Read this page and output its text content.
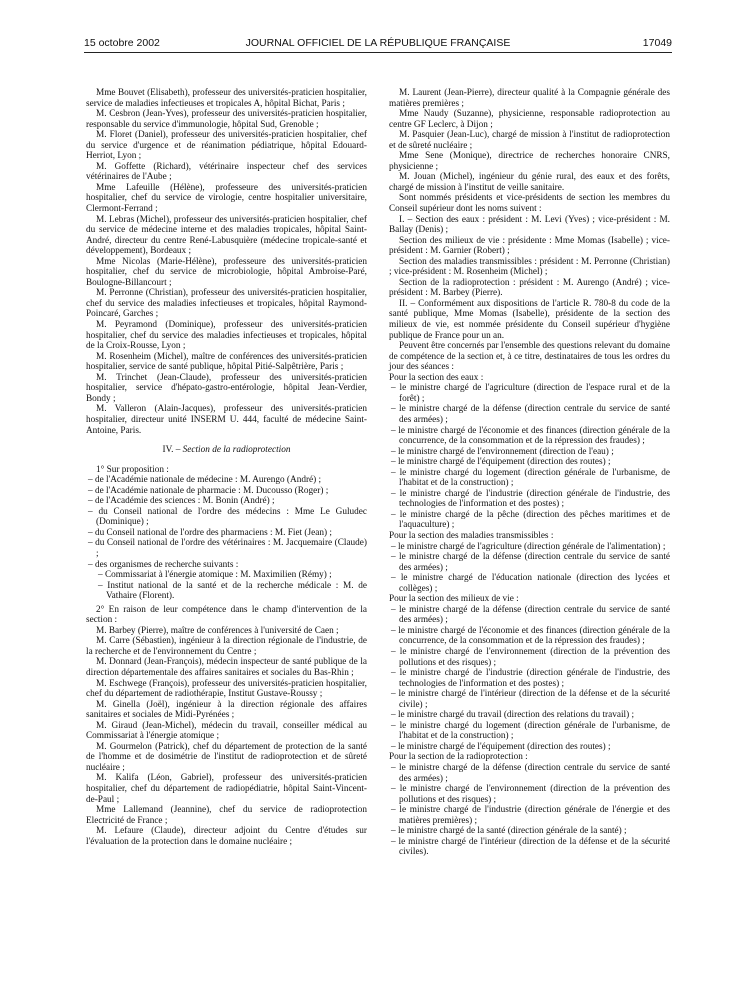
15 octobre 2002	JOURNAL OFFICIEL DE LA RÉPUBLIQUE FRANÇAISE	17049

Mme Bouvet (Elisabeth), professeur des universités-praticien hospitalier, service de maladies infectieuses et tropicales A, hôpital Bichat, Paris ;

M. Cesbron (Jean-Yves), professeur des universités-praticien hospitalier, responsable du service d'immunologie, hôpital Sud, Grenoble ;

M. Floret (Daniel), professeur des universités-praticien hospitalier, chef du service d'urgence et de réanimation pédiatrique, hôpital Edouard-Herriot, Lyon ;

M. Goffette (Richard), vétérinaire inspecteur chef des services vétérinaires de l'Aube ;

Mme Lafeuille (Hélène), professeure des universités-praticien hospitalier, chef du service de virologie, centre hospitalier universitaire, Clermont-Ferrand ;

M. Lebras (Michel), professeur des universités-praticien hospitalier, chef du service de médecine interne et des maladies tropicales, hôpital Saint-André, directeur du centre René-Labusquière (médecine tropicale-santé et développement), Bordeaux ;

Mme Nicolas (Marie-Hélène), professeure des universités-praticien hospitalier, chef du service de microbiologie, hôpital Ambroise-Paré, Boulogne-Billancourt ;

M. Perronne (Christian), professeur des universités-praticien hospitalier, chef du service des maladies infectieuses et tropicales, hôpital Raymond-Poincaré, Garches ;

M. Peyramond (Dominique), professeur des universités-praticien hospitalier, chef du service des maladies infectieuses et tropicales, hôpital de la Croix-Rousse, Lyon ;

M. Rosenheim (Michel), maître de conférences des universités-praticien hospitalier, service de santé publique, hôpital Pitié-Salpêtrière, Paris ;

M. Trinchet (Jean-Claude), professeur des universités-praticien hospitalier, service d'hépato-gastro-entérologie, hôpital Jean-Verdier, Bondy ;

M. Valleron (Alain-Jacques), professeur des universités-praticien hospitalier, directeur unité INSERM U. 444, faculté de médecine Saint-Antoine, Paris.

IV. – Section de la radioprotection

1° Sur proposition :

– de l'Académie nationale de médecine : M. Aurengo (André) ;

– de l'Académie nationale de pharmacie : M. Ducousso (Roger) ;

– de l'Académie des sciences : M. Bonin (André) ;

– du Conseil national de l'ordre des médecins : Mme Le Guludec (Dominique) ;

– du Conseil national de l'ordre des pharmaciens : M. Fiet (Jean) ;

– du Conseil national de l'ordre des vétérinaires : M. Jacquemaire (Claude) ;

– des organismes de recherche suivants :

– Commissariat à l'énergie atomique : M. Maximilien (Rémy) ;

– Institut national de la santé et de la recherche médicale : M. de Vathaire (Florent).

2° En raison de leur compétence dans le champ d'intervention de la section :

M. Barbey (Pierre), maître de conférences à l'université de Caen ;

M. Carre (Sébastien), ingénieur à la direction régionale de l'industrie, de la recherche et de l'environnement du Centre ;

M. Donnard (Jean-François), médecin inspecteur de santé publique de la direction départementale des affaires sanitaires et sociales du Bas-Rhin ;

M. Eschwege (François), professeur des universités-praticien hospitalier, chef du département de radiothérapie, Institut Gustave-Roussy ;

M. Ginella (Joël), ingénieur à la direction régionale des affaires sanitaires et sociales de Midi-Pyrénées ;

M. Giraud (Jean-Michel), médecin du travail, conseiller médical au Commissariat à l'énergie atomique ;

M. Gourmelon (Patrick), chef du département de protection de la santé de l'homme et de dosimétrie de l'institut de radioprotection et de sûreté nucléaire ;

M. Kalifa (Léon, Gabriel), professeur des universités-praticien hospitalier, chef du département de radiopédiatrie, hôpital Saint-Vincent-de-Paul ;

Mme Lallemand (Jeannine), chef du service de radioprotection Electricité de France ;

M. Lefaure (Claude), directeur adjoint du Centre d'études sur l'évaluation de la protection dans le domaine nucléaire ;

M. Laurent (Jean-Pierre), directeur qualité à la Compagnie générale des matières premières ;

Mme Naudy (Suzanne), physicienne, responsable radioprotection au centre GF Leclerc, à Dijon ;

M. Pasquier (Jean-Luc), chargé de mission à l'institut de radioprotection et de sûreté nucléaire ;

Mme Sene (Monique), directrice de recherches honoraire CNRS, physicienne ;

M. Jouan (Michel), ingénieur du génie rural, des eaux et des forêts, chargé de mission à l'institut de veille sanitaire.

Sont nommés présidents et vice-présidents de section les membres du Conseil supérieur dont les noms suivent :

I. – Section des eaux : président : M. Levi (Yves) ; vice-président : M. Ballay (Denis) ;

Section des milieux de vie : présidente : Mme Momas (Isabelle) ; vice-président : M. Garnier (Robert) ;

Section des maladies transmissibles : président : M. Perronne (Christian) ; vice-président : M. Rosenheim (Michel) ;

Section de la radioprotection : président : M. Aurengo (André) ; vice-président : M. Barbey (Pierre).

II. – Conformément aux dispositions de l'article R. 780-8 du code de la santé publique, Mme Momas (Isabelle), présidente de la section des milieux de vie, est nommée présidente du Conseil supérieur d'hygiène publique de France pour un an.

Peuvent être concernés par l'ensemble des questions relevant du domaine de compétence de la section et, à ce titre, destinataires de tous les ordres du jour des séances :

Pour la section des eaux :

– le ministre chargé de l'agriculture (direction de l'espace rural et de la forêt) ;

– le ministre chargé de la défense (direction centrale du service de santé des armées) ;

– le ministre chargé de l'économie et des finances (direction générale de la concurrence, de la consommation et de la répression des fraudes) ;

– le ministre chargé de l'environnement (direction de l'eau) ;

– le ministre chargé de l'équipement (direction des routes) ;

– le ministre chargé du logement (direction générale de l'urbanisme, de l'habitat et de la construction) ;

– le ministre chargé de l'industrie (direction générale de l'industrie, des technologies de l'information et des postes) ;

– le ministre chargé de la pêche (direction des pêches maritimes et de l'aquaculture) ;

Pour la section des maladies transmissibles :

– le ministre chargé de l'agriculture (direction générale de l'alimentation) ;

– le ministre chargé de la défense (direction centrale du service de santé des armées) ;

– le ministre chargé de l'éducation nationale (direction des lycées et collèges) ;

Pour la section des milieux de vie :

– le ministre chargé de la défense (direction centrale du service de santé des armées) ;

– le ministre chargé de l'économie et des finances (direction générale de la concurrence, de la consommation et de la répression des fraudes) ;

– le ministre chargé de l'environnement (direction de la prévention des pollutions et des risques) ;

– le ministre chargé de l'industrie (direction générale de l'industrie, des technologies de l'information et des postes) ;

– le ministre chargé de l'intérieur (direction de la défense et de la sécurité civile) ;

– le ministre chargé du travail (direction des relations du travail) ;

– le ministre chargé du logement (direction générale de l'urbanisme, de l'habitat et de la construction) ;

– le ministre chargé de l'équipement (direction des routes) ;

Pour la section de la radioprotection :

– le ministre chargé de la défense (direction centrale du service de santé des armées) ;

– le ministre chargé de l'environnement (direction de la prévention des pollutions et des risques) ;

– le ministre chargé de l'industrie (direction générale de l'énergie et des matières premières) ;

– le ministre chargé de la santé (direction générale de la santé) ;

– le ministre chargé de l'intérieur (direction de la défense et de la sécurité civiles).
